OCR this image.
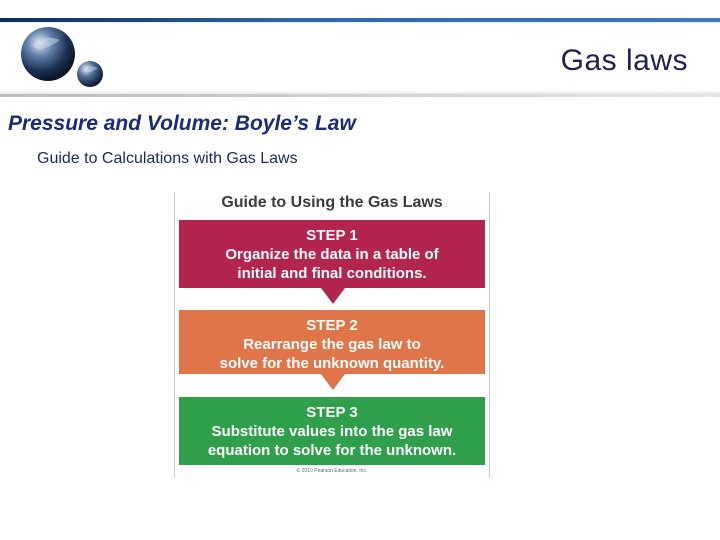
Gas laws
Pressure and Volume: Boyle’s Law
Guide to Calculations with Gas Laws
Guide to Using the Gas Laws
STEP 1
Organize the data in a table of
initial and final conditions.
STEP 2
Rearrange the gas law to
solve for the unknown quantity.
STEP 3
Substitute values into the gas law
equation to solve for the unknown.
© 2010 Pearson Education, Inc.
